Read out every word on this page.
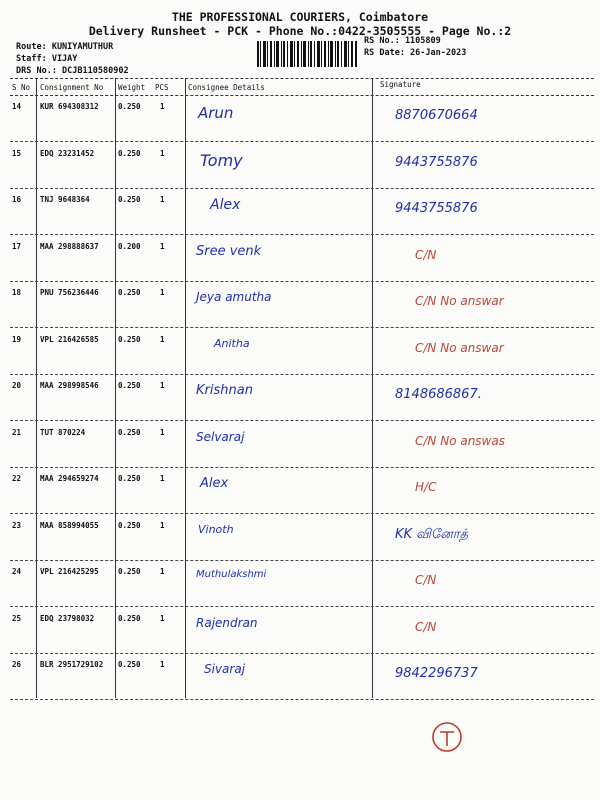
THE PROFESSIONAL COURIERS, Coimbatore
Delivery Runsheet - PCK - Phone No.:0422-3505555 - Page No.:2
Route: KUNIYAMUTHUR
Staff: VIJAY
DRS No.: DCJB110580902
RS No.: 1105809
RS Date: 26-Jan-2023
S No Consignment No Weight PCS	Consignee Details	Signature
14	KUR 694308312	0.250	1 Arun	8870670664
15	EDQ 23231452	0.250	1 Tomy	9443755876
16	TNJ 9648364	0.250	1	Alex	9443755876
17	MAA 298888637	0.200	1 Sree venk	C/N
18	PNU 756236446	0.250	1	Jeya amutha	C/N No answar
19	VPL 216426585	0.250	1	Anitha	C/N No answar
20	MAA 298998546	0.250	1 Krishnan	8148686867.
21	TUT 870224	0.250	1	Selvaraj	C/N No answas
22	MAA 294659274	0.250	1	Alex	H/C
23	MAA 858994055	0.250	1	Vinoth	KK வினோத்
24	VPL 216425295	0.250	1	Muthulakshmi	C/N
25	EDQ 23798032	0.250	1	Rajendran	C/N
26	BLR 2951729102 0.250	1	Sivaraj	9842296737
